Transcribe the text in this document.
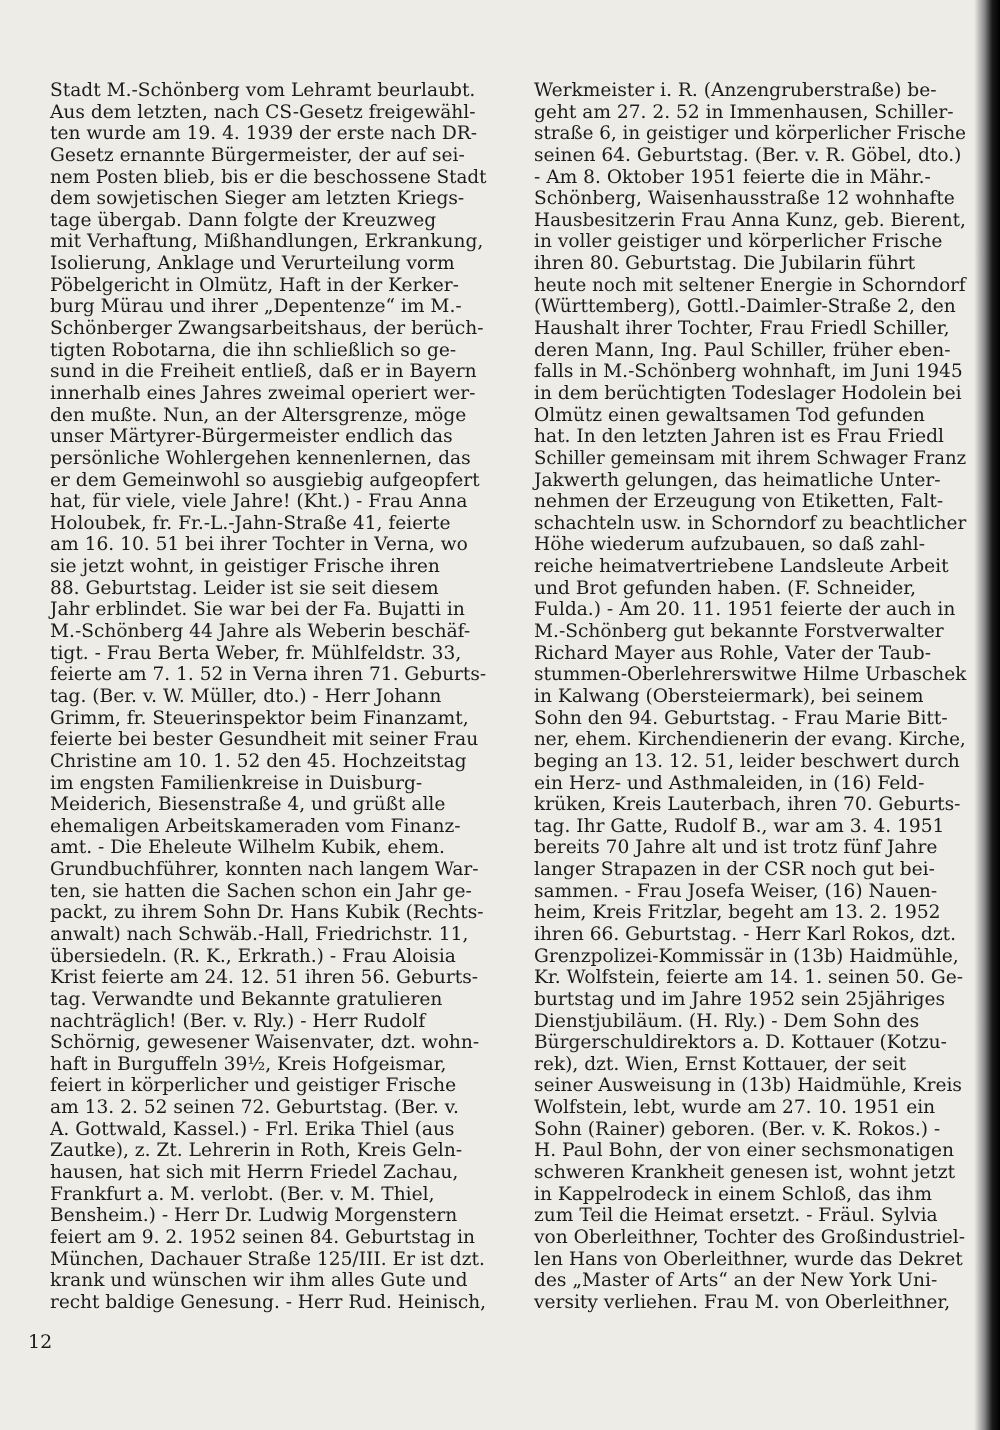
Stadt M.-Schönberg vom Lehramt beurlaubt.
Aus dem letzten, nach CS-Gesetz freigewähl-
ten wurde am 19. 4. 1939 der erste nach DR-
Gesetz ernannte Bürgermeister, der auf sei-
nem Posten blieb, bis er die beschossene Stadt
dem sowjetischen Sieger am letzten Kriegs-
tage übergab. Dann folgte der Kreuzweg
mit Verhaftung, Mißhandlungen, Erkrankung,
Isolierung, Anklage und Verurteilung vorm
Pöbelgericht in Olmütz, Haft in der Kerker-
burg Mürau und ihrer „Depentenze“ im M.-
Schönberger Zwangsarbeitshaus, der berüch-
tigten Robotarna, die ihn schließlich so ge-
sund in die Freiheit entließ, daß er in Bayern
innerhalb eines Jahres zweimal operiert wer-
den mußte. Nun, an der Altersgrenze, möge
unser Märtyrer-Bürgermeister endlich das
persönliche Wohlergehen kennenlernen, das
er dem Gemeinwohl so ausgiebig aufgeopfert
hat, für viele, viele Jahre! (Kht.) - Frau Anna
Holoubek, fr. Fr.-L.-Jahn-Straße 41, feierte
am 16. 10. 51 bei ihrer Tochter in Verna, wo
sie jetzt wohnt, in geistiger Frische ihren
88. Geburtstag. Leider ist sie seit diesem
Jahr erblindet. Sie war bei der Fa. Bujatti in
M.-Schönberg 44 Jahre als Weberin beschäf-
tigt. - Frau Berta Weber, fr. Mühlfeldstr. 33,
feierte am 7. 1. 52 in Verna ihren 71. Geburts-
tag. (Ber. v. W. Müller, dto.) - Herr Johann
Grimm, fr. Steuerinspektor beim Finanzamt,
feierte bei bester Gesundheit mit seiner Frau
Christine am 10. 1. 52 den 45. Hochzeitstag
im engsten Familienkreise in Duisburg-
Meiderich, Biesenstraße 4, und grüßt alle
ehemaligen Arbeitskameraden vom Finanz-
amt. - Die Eheleute Wilhelm Kubik, ehem.
Grundbuchführer, konnten nach langem War-
ten, sie hatten die Sachen schon ein Jahr ge-
packt, zu ihrem Sohn Dr. Hans Kubik (Rechts-
anwalt) nach Schwäb.-Hall, Friedrichstr. 11,
übersiedeln. (R. K., Erkrath.) - Frau Aloisia
Krist feierte am 24. 12. 51 ihren 56. Geburts-
tag. Verwandte und Bekannte gratulieren
nachträglich! (Ber. v. Rly.) - Herr Rudolf
Schörnig, gewesener Waisenvater, dzt. wohn-
haft in Burguffeln 39½, Kreis Hofgeismar,
feiert in körperlicher und geistiger Frische
am 13. 2. 52 seinen 72. Geburtstag. (Ber. v.
A. Gottwald, Kassel.) - Frl. Erika Thiel (aus
Zautke), z. Zt. Lehrerin in Roth, Kreis Geln-
hausen, hat sich mit Herrn Friedel Zachau,
Frankfurt a. M. verlobt. (Ber. v. M. Thiel,
Bensheim.) - Herr Dr. Ludwig Morgenstern
feiert am 9. 2. 1952 seinen 84. Geburtstag in
München, Dachauer Straße 125/III. Er ist dzt.
krank und wünschen wir ihm alles Gute und
recht baldige Genesung. - Herr Rud. Heinisch,
Werkmeister i. R. (Anzengruberstraße) be-
geht am 27. 2. 52 in Immenhausen, Schiller-
straße 6, in geistiger und körperlicher Frische
seinen 64. Geburtstag. (Ber. v. R. Göbel, dto.)
- Am 8. Oktober 1951 feierte die in Mähr.-
Schönberg, Waisenhausstraße 12 wohnhafte
Hausbesitzerin Frau Anna Kunz, geb. Bierent,
in voller geistiger und körperlicher Frische
ihren 80. Geburtstag. Die Jubilarin führt
heute noch mit seltener Energie in Schorndorf
(Württemberg), Gottl.-Daimler-Straße 2, den
Haushalt ihrer Tochter, Frau Friedl Schiller,
deren Mann, Ing. Paul Schiller, früher eben-
falls in M.-Schönberg wohnhaft, im Juni 1945
in dem berüchtigten Todeslager Hodolein bei
Olmütz einen gewaltsamen Tod gefunden
hat. In den letzten Jahren ist es Frau Friedl
Schiller gemeinsam mit ihrem Schwager Franz
Jakwerth gelungen, das heimatliche Unter-
nehmen der Erzeugung von Etiketten, Falt-
schachteln usw. in Schorndorf zu beachtlicher
Höhe wiederum aufzubauen, so daß zahl-
reiche heimatvertriebene Landsleute Arbeit
und Brot gefunden haben. (F. Schneider,
Fulda.) - Am 20. 11. 1951 feierte der auch in
M.-Schönberg gut bekannte Forstverwalter
Richard Mayer aus Rohle, Vater der Taub-
stummen-Oberlehrerswitwe Hilme Urbaschek
in Kalwang (Obersteiermark), bei seinem
Sohn den 94. Geburtstag. - Frau Marie Bitt-
ner, ehem. Kirchendienerin der evang. Kirche,
beging an 13. 12. 51, leider beschwert durch
ein Herz- und Asthmaleiden, in (16) Feld-
krüken, Kreis Lauterbach, ihren 70. Geburts-
tag. Ihr Gatte, Rudolf B., war am 3. 4. 1951
bereits 70 Jahre alt und ist trotz fünf Jahre
langer Strapazen in der CSR noch gut bei-
sammen. - Frau Josefa Weiser, (16) Nauen-
heim, Kreis Fritzlar, begeht am 13. 2. 1952
ihren 66. Geburtstag. - Herr Karl Rokos, dzt.
Grenzpolizei-Kommissär in (13b) Haidmühle,
Kr. Wolfstein, feierte am 14. 1. seinen 50. Ge-
burtstag und im Jahre 1952 sein 25jähriges
Dienstjubiläum. (H. Rly.) - Dem Sohn des
Bürgerschuldirektors a. D. Kottauer (Kotzu-
rek), dzt. Wien, Ernst Kottauer, der seit
seiner Ausweisung in (13b) Haidmühle, Kreis
Wolfstein, lebt, wurde am 27. 10. 1951 ein
Sohn (Rainer) geboren. (Ber. v. K. Rokos.) -
H. Paul Bohn, der von einer sechsmonatigen
schweren Krankheit genesen ist, wohnt jetzt
in Kappelrodeck in einem Schloß, das ihm
zum Teil die Heimat ersetzt. - Fräul. Sylvia
von Oberleithner, Tochter des Großindustriel-
len Hans von Oberleithner, wurde das Dekret
des „Master of Arts“ an der New York Uni-
versity verliehen. Frau M. von Oberleithner,
12
